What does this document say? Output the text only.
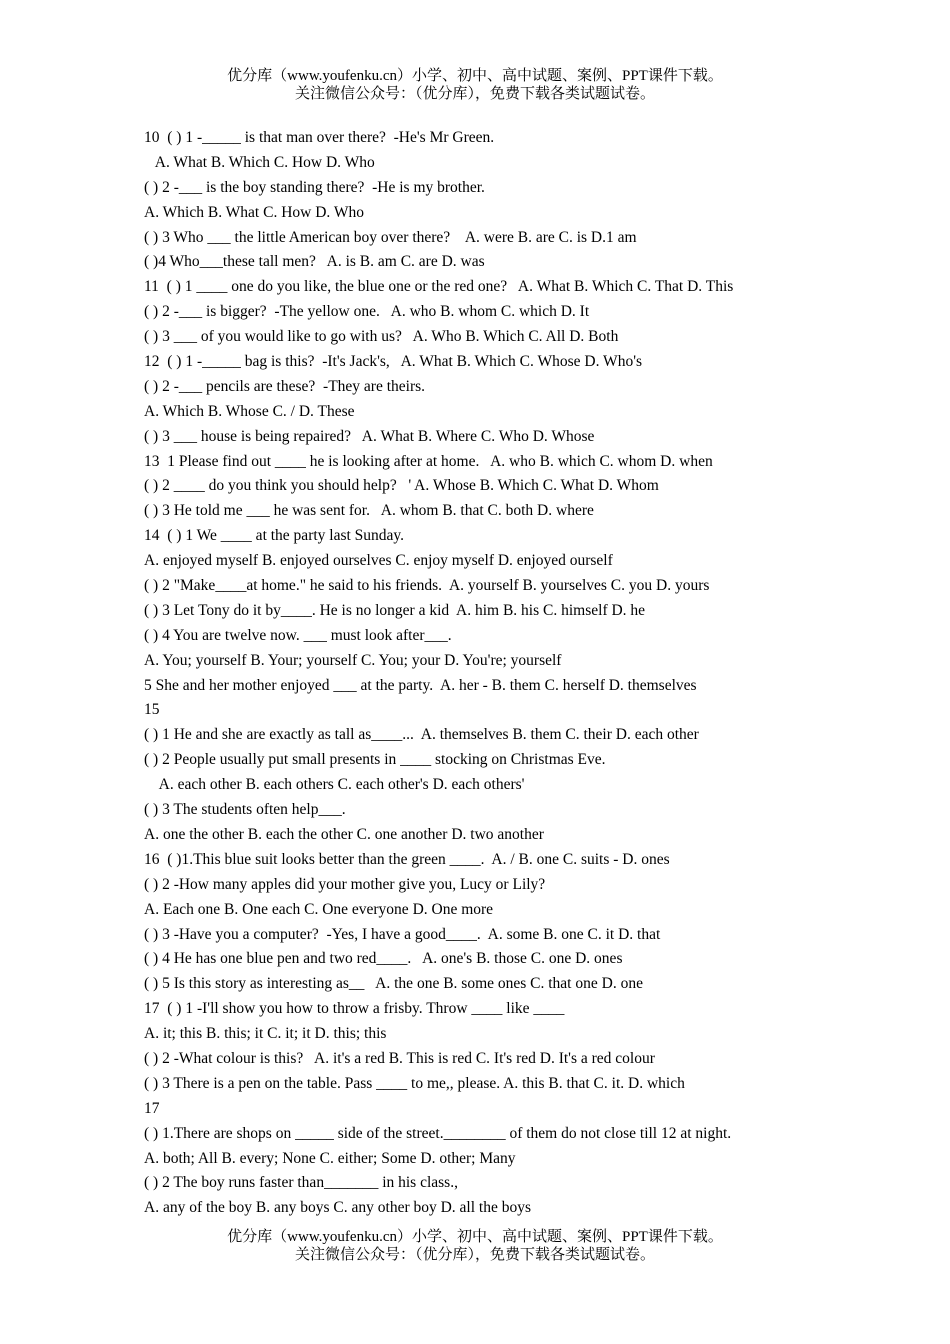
优分库（www.youfenku.cn）小学、初中、高中试题、案例、PPT课件下载。
关注微信公众号：（优分库），免费下载各类试题试卷。
10  ( ) 1 -_____ is that man over there?  -He's Mr Green.
A. What B. Which C. How D. Who
( ) 2 -___ is the boy standing there?  -He is my brother.
A. Which B. What C. How D. Who
( ) 3 Who ___ the little American boy over there?    A. were B. are C. is D.1 am
( )4 Who___these tall men?   A. is B. am C. are D. was
11  ( ) 1 ____ one do you like, the blue one or the red one?   A. What B. Which C. That D. This
( ) 2 -___ is bigger?  -The yellow one.   A. who B. whom C. which D. It
( ) 3 ___ of you would like to go with us?   A. Who B. Which C. All D. Both
12  ( ) 1 -_____ bag is this?  -It's Jack's,   A. What B. Which C. Whose D. Who's
( ) 2 -___ pencils are these?  -They are theirs.
A. Which B. Whose C. / D. These
( ) 3 ___ house is being repaired?   A. What B. Where C. Who D. Whose
13  1 Please find out ____ he is looking after at home.   A. who B. which C. whom D. when
( ) 2 ____ do you think you should help?   ' A. Whose B. Which C. What D. Whom
( ) 3 He told me ___ he was sent for.   A. whom B. that C. both D. where
14  ( ) 1 We ____ at the party last Sunday.
A. enjoyed myself B. enjoyed ourselves C. enjoy myself D. enjoyed ourself
( ) 2 "Make____at home." he said to his friends.  A. yourself B. yourselves C. you D. yours
( ) 3 Let Tony do it by____. He is no longer a kid  A. him B. his C. himself D. he
( ) 4 You are twelve now. ___ must look after___.
A. You; yourself B. Your; yourself C. You; your D. You're; yourself
5 She and her mother enjoyed ___ at the party.  A. her - B. them C. herself D. themselves
15
( ) 1 He and she are exactly as tall as____...  A. themselves B. them C. their D. each other
( ) 2 People usually put small presents in ____ stocking on Christmas Eve.
A. each other B. each others C. each other's D. each others'
( ) 3 The students often help___.
A. one the other B. each the other C. one another D. two another
16  ( )1.This blue suit looks better than the green ____.  A. / B. one C. suits - D. ones
( ) 2 -How many apples did your mother give you, Lucy or Lily?
A. Each one B. One each C. One everyone D. One more
( ) 3 -Have you a computer?  -Yes, I have a good____.  A. some B. one C. it D. that
( ) 4 He has one blue pen and two red____.   A. one's B. those C. one D. ones
( ) 5 Is this story as interesting as__   A. the one B. some ones C. that one D. one
17  ( ) 1 -I'll show you how to throw a frisby. Throw ____ like ____
A. it; this B. this; it C. it; it D. this; this
( ) 2 -What colour is this?   A. it's a red B. This is red C. It's red D. It's a red colour
( ) 3 There is a pen on the table. Pass ____ to me,, please. A. this B. that C. it. D. which
17
( ) 1.There are shops on _____ side of the street.________ of them do not close till 12 at night.
A. both; All B. every; None C. either; Some D. other; Many
( ) 2 The boy runs faster than_______ in his class.,
A. any of the boy B. any boys C. any other boy D. all the boys
优分库（www.youfenku.cn）小学、初中、高中试题、案例、PPT课件下载。
关注微信公众号：（优分库），免费下载各类试题试卷。
